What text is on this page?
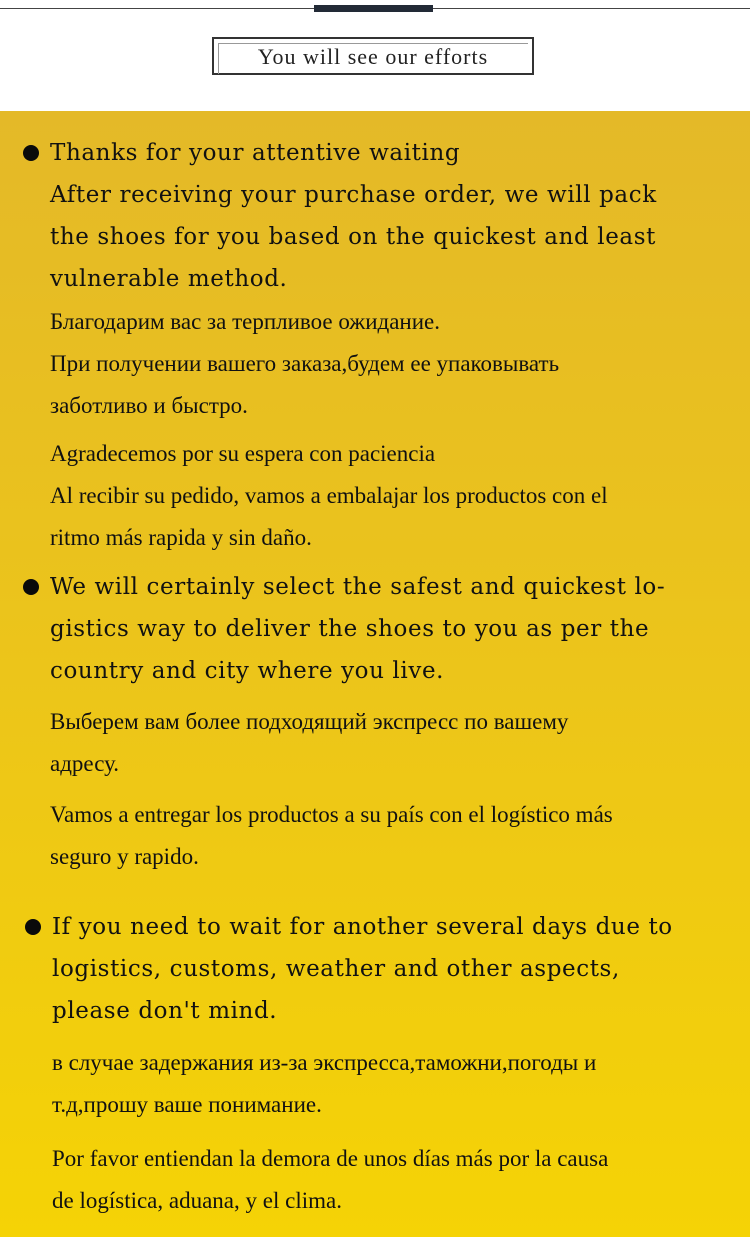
You will see our efforts

Thanks for your attentive waiting
After receiving your purchase order, we will pack
the shoes for you based on the quickest and least
vulnerable method.

Благодарим вас за терпливое ожидание.
При получении вашего заказа,будем ее упаковывать
заботливо и быстро.

Agradecemos por su espera con paciencia
Al recibir su pedido, vamos a embalajar los productos con el
ritmo más rapida y sin daño.

We will certainly select the safest and quickest lo-
gistics way to deliver the shoes to you as per the
country and city where you live.

Выберем вам более подходящий экспресс по вашему
адресу.

Vamos a entregar los productos a su país con el logístico más
seguro y rapido.

If you need to wait for another several days due to
logistics, customs, weather and other aspects,
please don't mind.

в случае задержания из-за экспресса,таможни,погоды и
т.д,прошу ваше понимание.

Por favor entiendan la demora de unos días más por la causa
de logística, aduana, y el clima.
